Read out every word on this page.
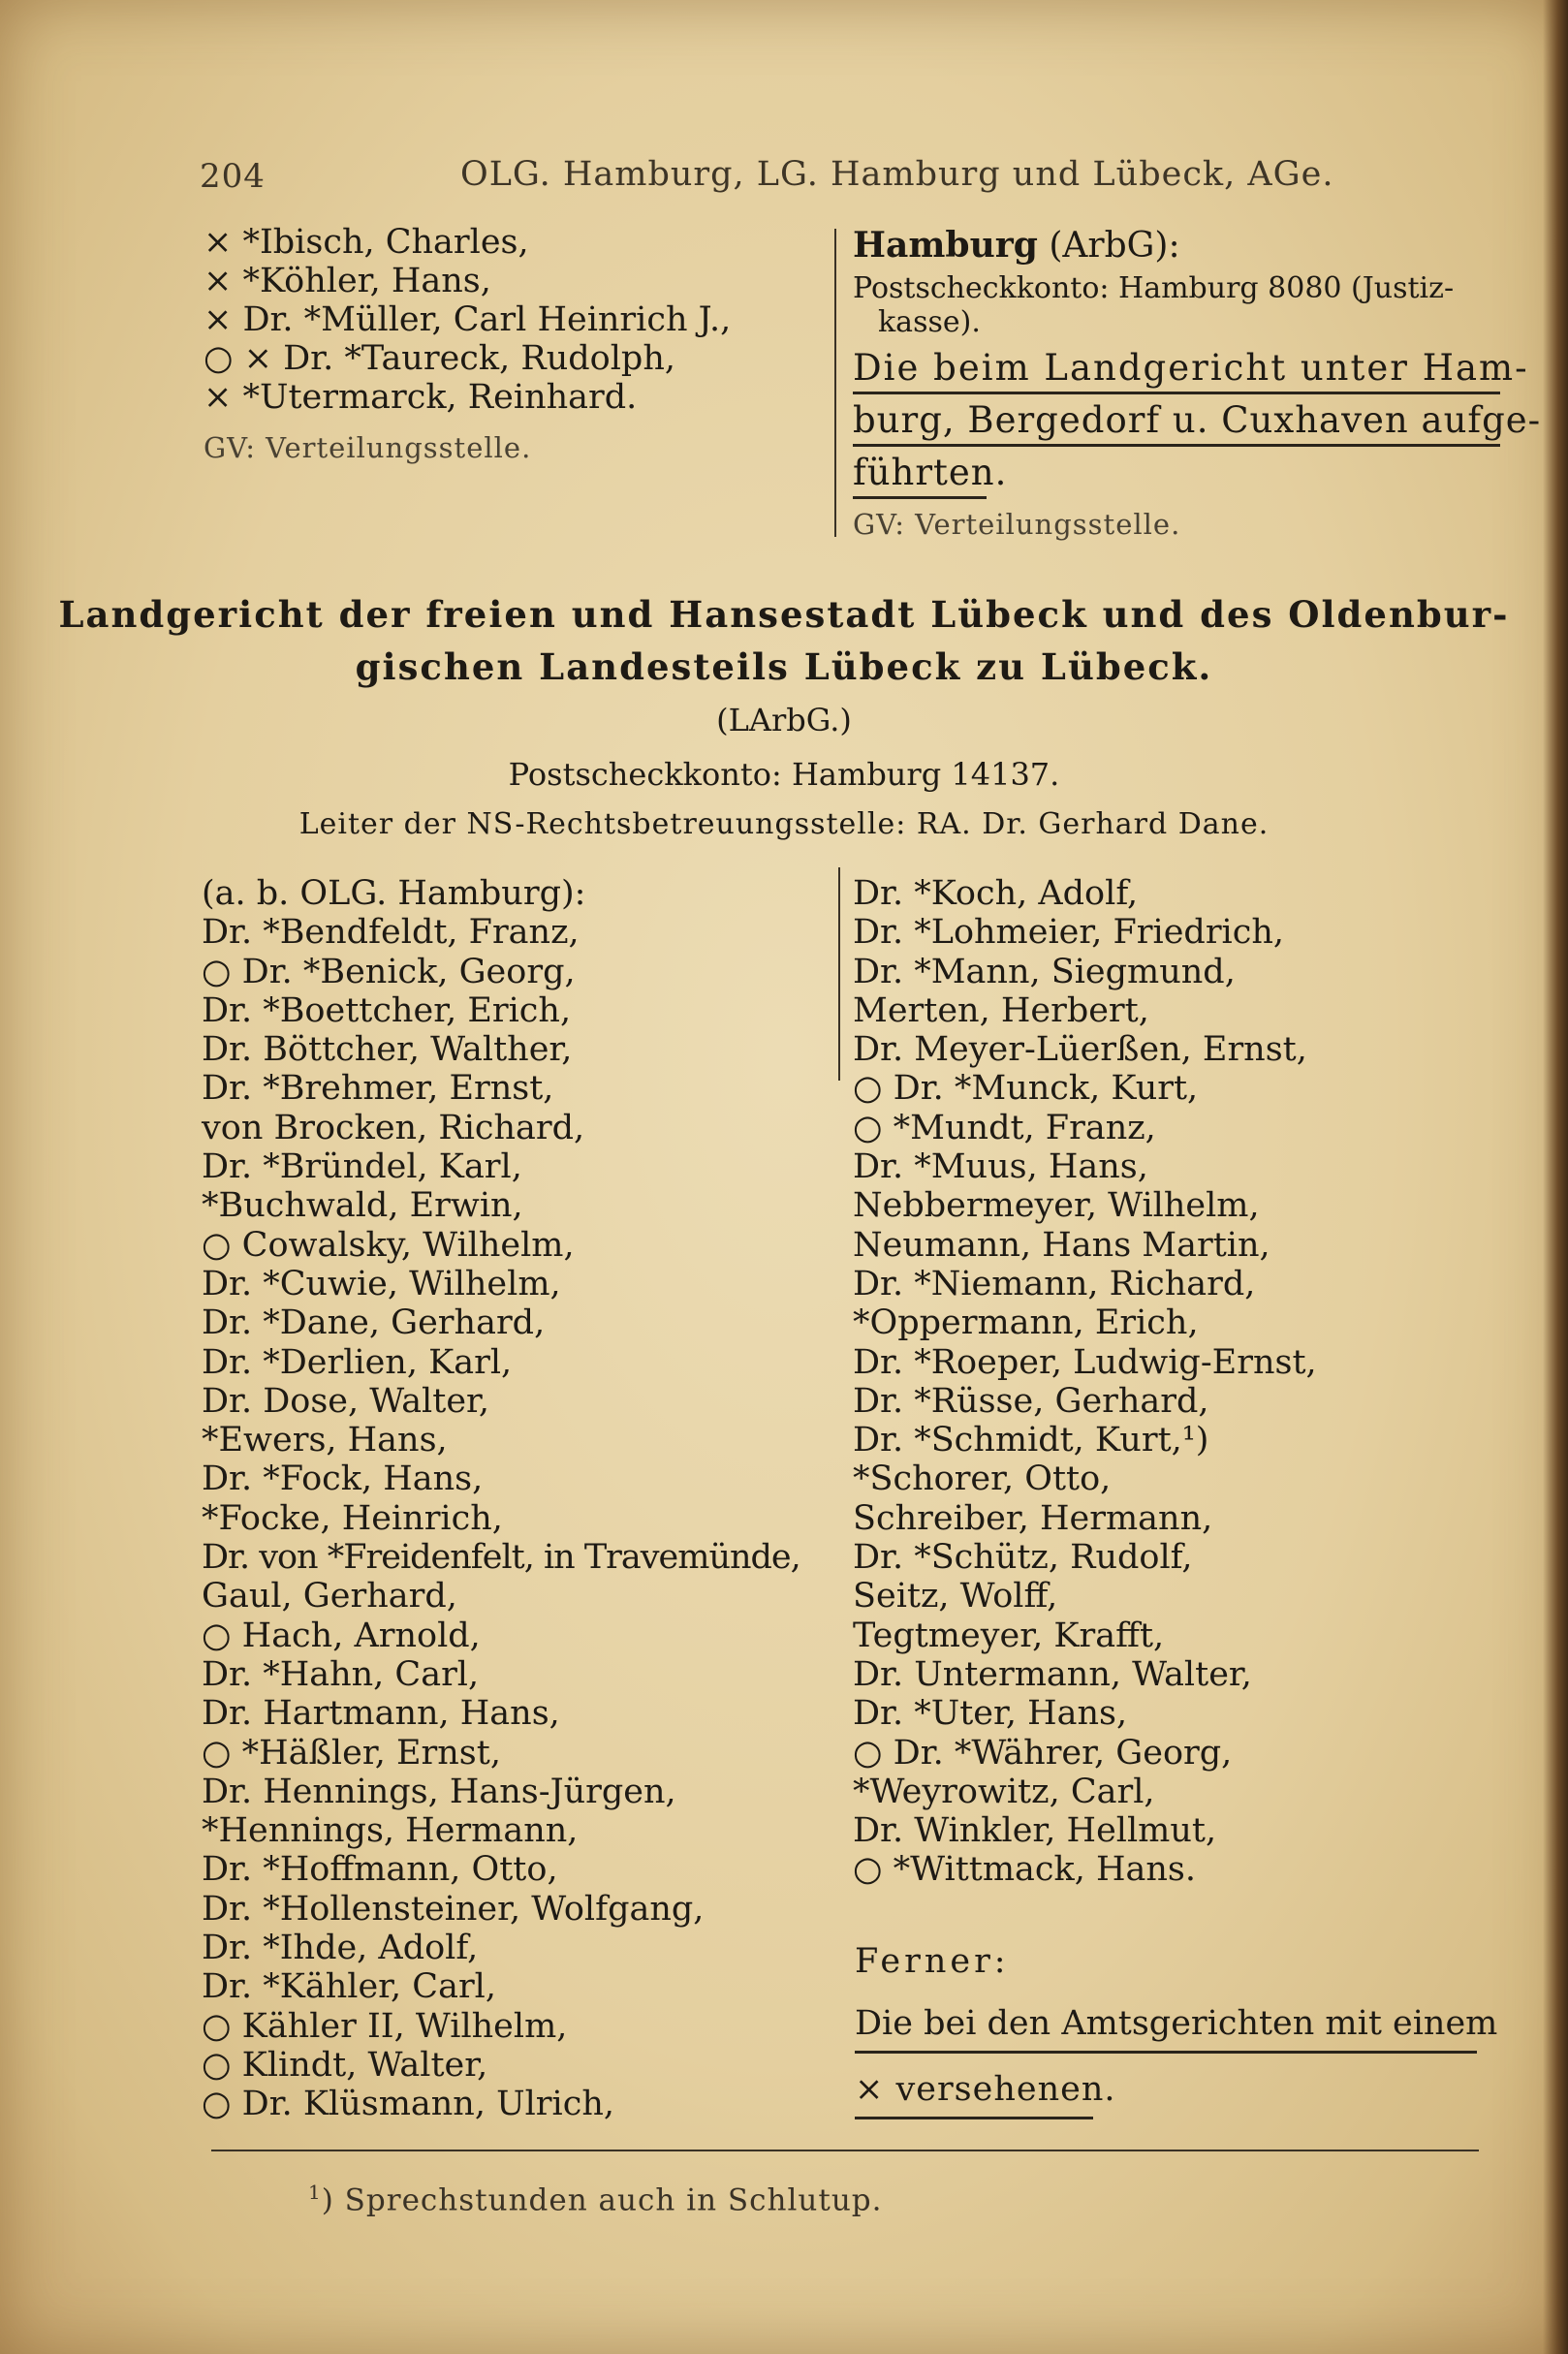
204	OLG. Hamburg, LG. Hamburg und Lübeck, AGe.
× *Ibisch, Charles,
× *Köhler, Hans,
× Dr. *Müller, Carl Heinrich J.,
○ × Dr. *Taureck, Rudolph,
× *Utermarck, Reinhard.
GV: Verteilungsstelle.
Hamburg (ArbG):
Postscheckkonto: Hamburg 8080 (Justiz-
kasse).
Die beim Landgericht unter Ham-
burg, Bergedorf u. Cuxhaven aufge-
führten.
GV: Verteilungsstelle.
Landgericht der freien und Hansestadt Lübeck und des Oldenbur-
gischen Landesteils Lübeck zu Lübeck.
(LArbG.)
Postscheckkonto: Hamburg 14137.
Leiter der NS-Rechtsbetreuungsstelle: RA. Dr. Gerhard Dane.
(a. b. OLG. Hamburg):
Dr. *Bendfeldt, Franz,
○ Dr. *Benick, Georg,
Dr. *Boettcher, Erich,
Dr. Böttcher, Walther,
Dr. *Brehmer, Ernst,
von Brocken, Richard,
Dr. *Bründel, Karl,
*Buchwald, Erwin,
○ Cowalsky, Wilhelm,
Dr. *Cuwie, Wilhelm,
Dr. *Dane, Gerhard,
Dr. *Derlien, Karl,
Dr. Dose, Walter,
*Ewers, Hans,
Dr. *Fock, Hans,
*Focke, Heinrich,
Dr. von *Freidenfelt, in Travemünde,
Gaul, Gerhard,
○ Hach, Arnold,
Dr. *Hahn, Carl,
Dr. Hartmann, Hans,
○ *Häßler, Ernst,
Dr. Hennings, Hans-Jürgen,
*Hennings, Hermann,
Dr. *Hoffmann, Otto,
Dr. *Hollensteiner, Wolfgang,
Dr. *Ihde, Adolf,
Dr. *Kähler, Carl,
○ Kähler II, Wilhelm,
○ Klindt, Walter,
○ Dr. Klüsmann, Ulrich,
Dr. *Koch, Adolf,
Dr. *Lohmeier, Friedrich,
Dr. *Mann, Siegmund,
Merten, Herbert,
Dr. Meyer-Lüerßen, Ernst,
○ Dr. *Munck, Kurt,
○ *Mundt, Franz,
Dr. *Muus, Hans,
Nebbermeyer, Wilhelm,
Neumann, Hans Martin,
Dr. *Niemann, Richard,
*Oppermann, Erich,
Dr. *Roeper, Ludwig-Ernst,
Dr. *Rüsse, Gerhard,
Dr. *Schmidt, Kurt,¹)
*Schorer, Otto,
Schreiber, Hermann,
Dr. *Schütz, Rudolf,
Seitz, Wolff,
Tegtmeyer, Krafft,
Dr. Untermann, Walter,
Dr. *Uter, Hans,
○ Dr. *Währer, Georg,
*Weyrowitz, Carl,
Dr. Winkler, Hellmut,
○ *Wittmack, Hans.
Ferner:
Die bei den Amtsgerichten mit einem
× versehenen.
$^1$) Sprechstunden auch in Schlutup.
